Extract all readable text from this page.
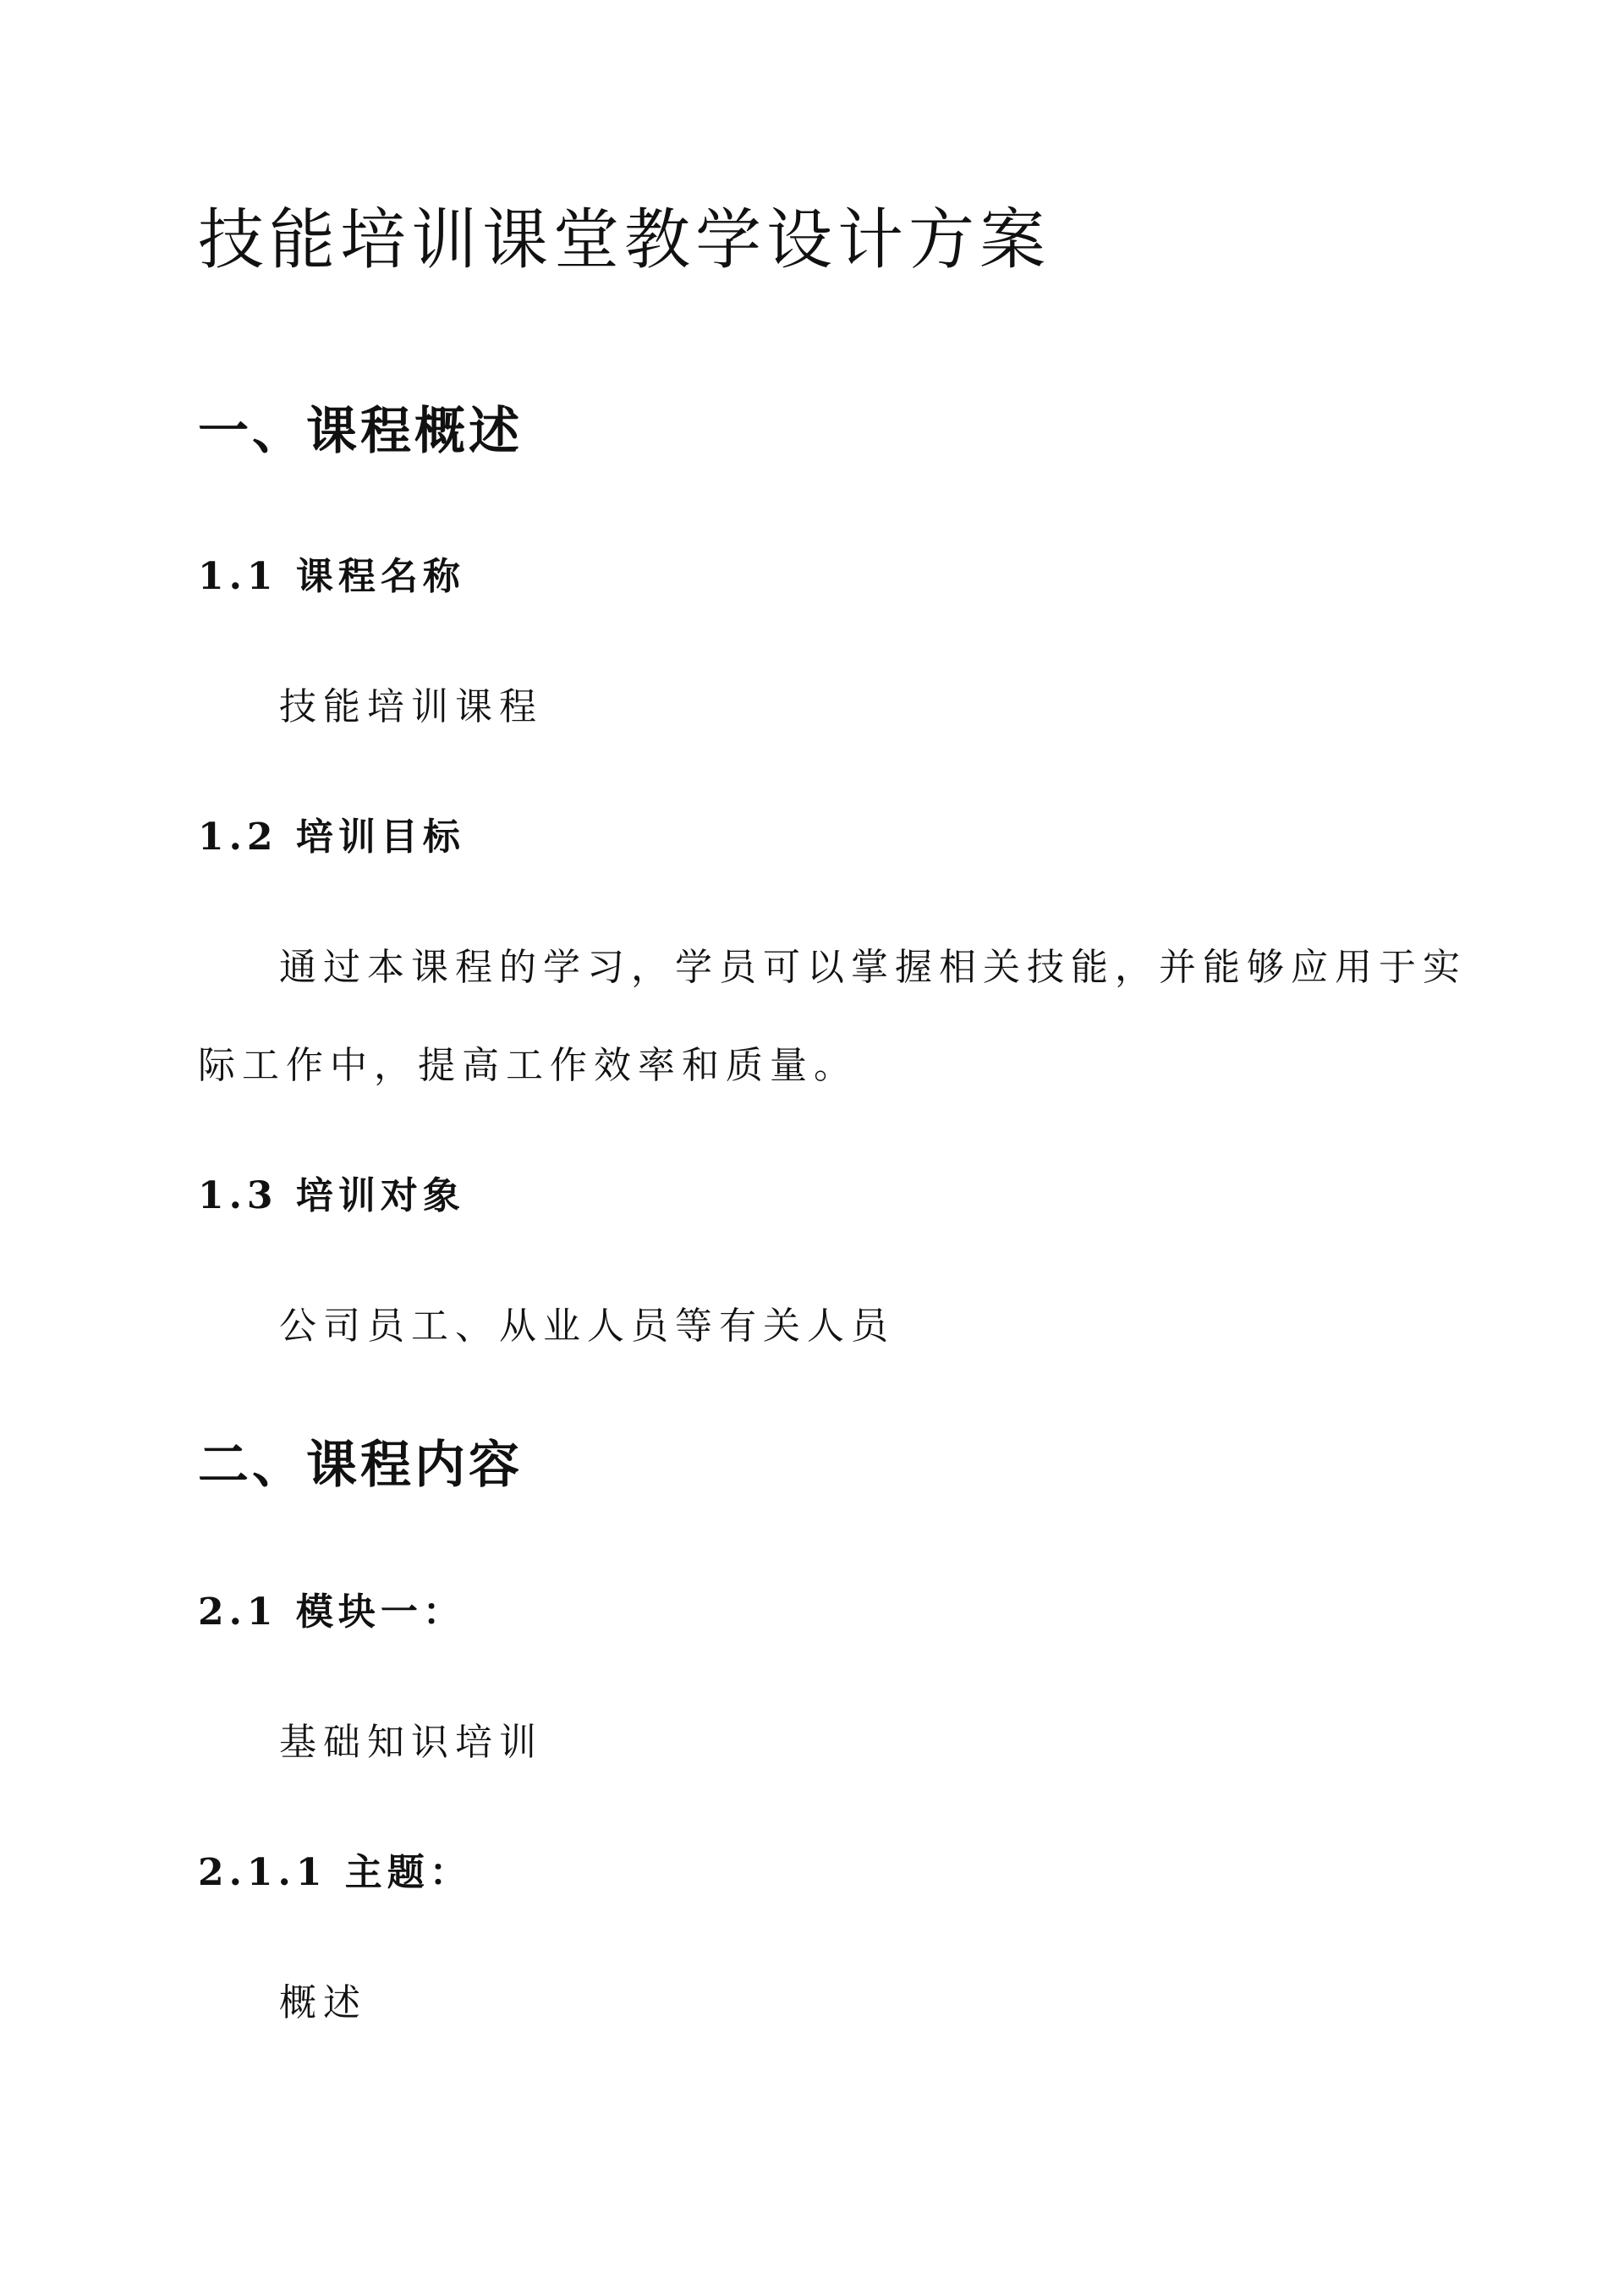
技能培训课堂教学设计方案
一、课程概述
1.1 课程名称

技能培训课程

1.2 培训目标

通过本课程的学习，学员可以掌握相关技能，并能够应用于实

际工作中，提高工作效率和质量。

1.3 培训对象

公司员工、从业人员等有关人员

二、课程内容
2.1 模块一：

基础知识培训

2.1.1 主题：

概述
